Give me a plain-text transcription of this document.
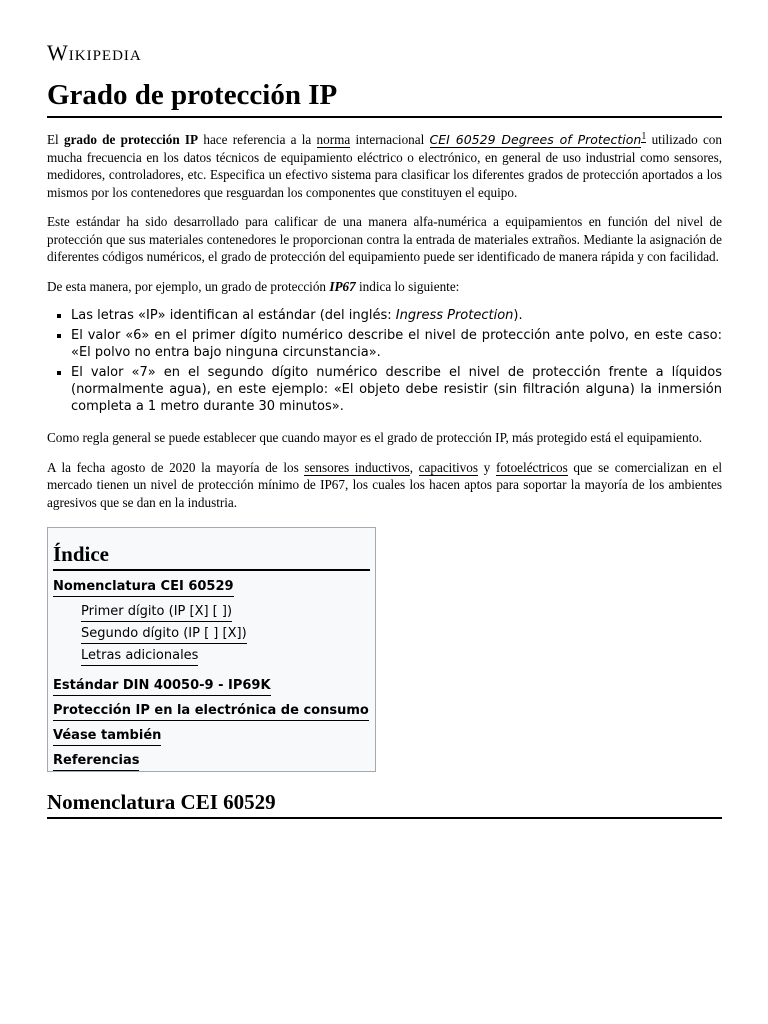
Wikipedia
Grado de protección IP

El grado de protección IP hace referencia a la norma internacional CEI 60529 Degrees of Protection$^1$ utilizado con mucha frecuencia en los datos técnicos de equipamiento eléctrico o electrónico, en general de uso industrial como sensores, medidores, controladores, etc. Especifica un efectivo sistema para clasificar los diferentes grados de protección aportados a los mismos por los contenedores que resguardan los componentes que constituyen el equipo.

Este estándar ha sido desarrollado para calificar de una manera alfa-numérica a equipamientos en función del nivel de protección que sus materiales contenedores le proporcionan contra la entrada de materiales extraños. Mediante la asignación de diferentes códigos numéricos, el grado de protección del equipamiento puede ser identificado de manera rápida y con facilidad.

De esta manera, por ejemplo, un grado de protección IP67 indica lo siguiente:

▪ Las letras «IP» identifican al estándar (del inglés: Ingress Protection).
▪ El valor «6» en el primer dígito numérico describe el nivel de protección ante polvo, en este caso: «El polvo no entra bajo ninguna circunstancia».
▪ El valor «7» en el segundo dígito numérico describe el nivel de protección frente a líquidos (normalmente agua), en este ejemplo: «El objeto debe resistir (sin filtración alguna) la inmersión completa a 1 metro durante 30 minutos».

Como regla general se puede establecer que cuando mayor es el grado de protección IP, más protegido está el equipamiento.

A la fecha agosto de 2020 la mayoría de los sensores inductivos, capacitivos y fotoeléctricos que se comercializan en el mercado tienen un nivel de protección mínimo de IP67, los cuales los hacen aptos para soportar la mayoría de los ambientes agresivos que se dan en la industria.

Índice
Nomenclatura CEI 60529
Primer dígito (IP [X] [ ])
Segundo dígito (IP [ ] [X])
Letras adicionales
Estándar DIN 40050-9 - IP69K
Protección IP en la electrónica de consumo
Véase también
Referencias
Nomenclatura CEI 60529
